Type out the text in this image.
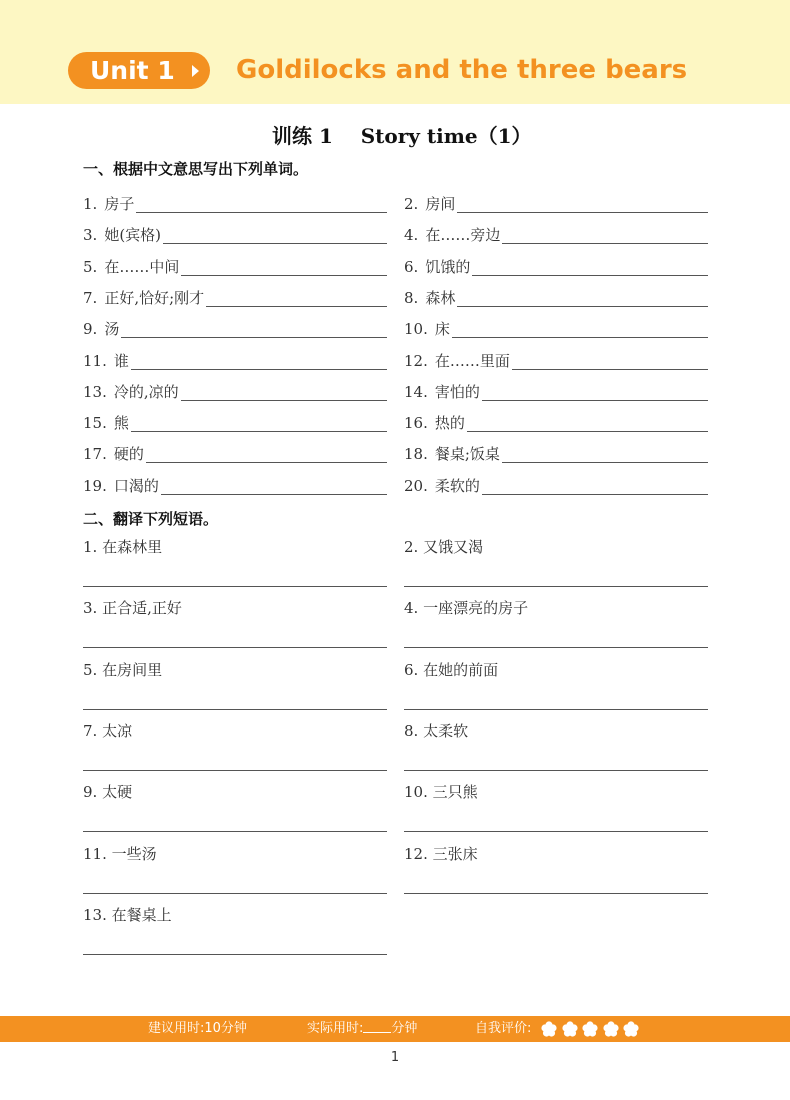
Unit 1 Goldilocks and the three bears
训练 1    Story time（1）
一、根据中文意思写出下列单词。
1. 房子	2. 房间
3. 她(宾格)	4. 在……旁边
5. 在……中间	6. 饥饿的
7. 正好,恰好;刚才	8. 森林
9. 汤	10. 床
11. 谁	12. 在……里面
13. 冷的,凉的	14. 害怕的
15. 熊	16. 热的
17. 硬的	18. 餐桌;饭桌
19. 口渴的	20. 柔软的
二、翻译下列短语。
1. 在森林里	2. 又饿又渴
3. 正合适,正好	4. 一座漂亮的房子
5. 在房间里	6. 在她的前面
7. 太凉	8. 太柔软
9. 太硬	10. 三只熊
11. 一些汤	12. 三张床
13. 在餐桌上
建议用时:10分钟	实际用时: 分钟	自我评价:
1
